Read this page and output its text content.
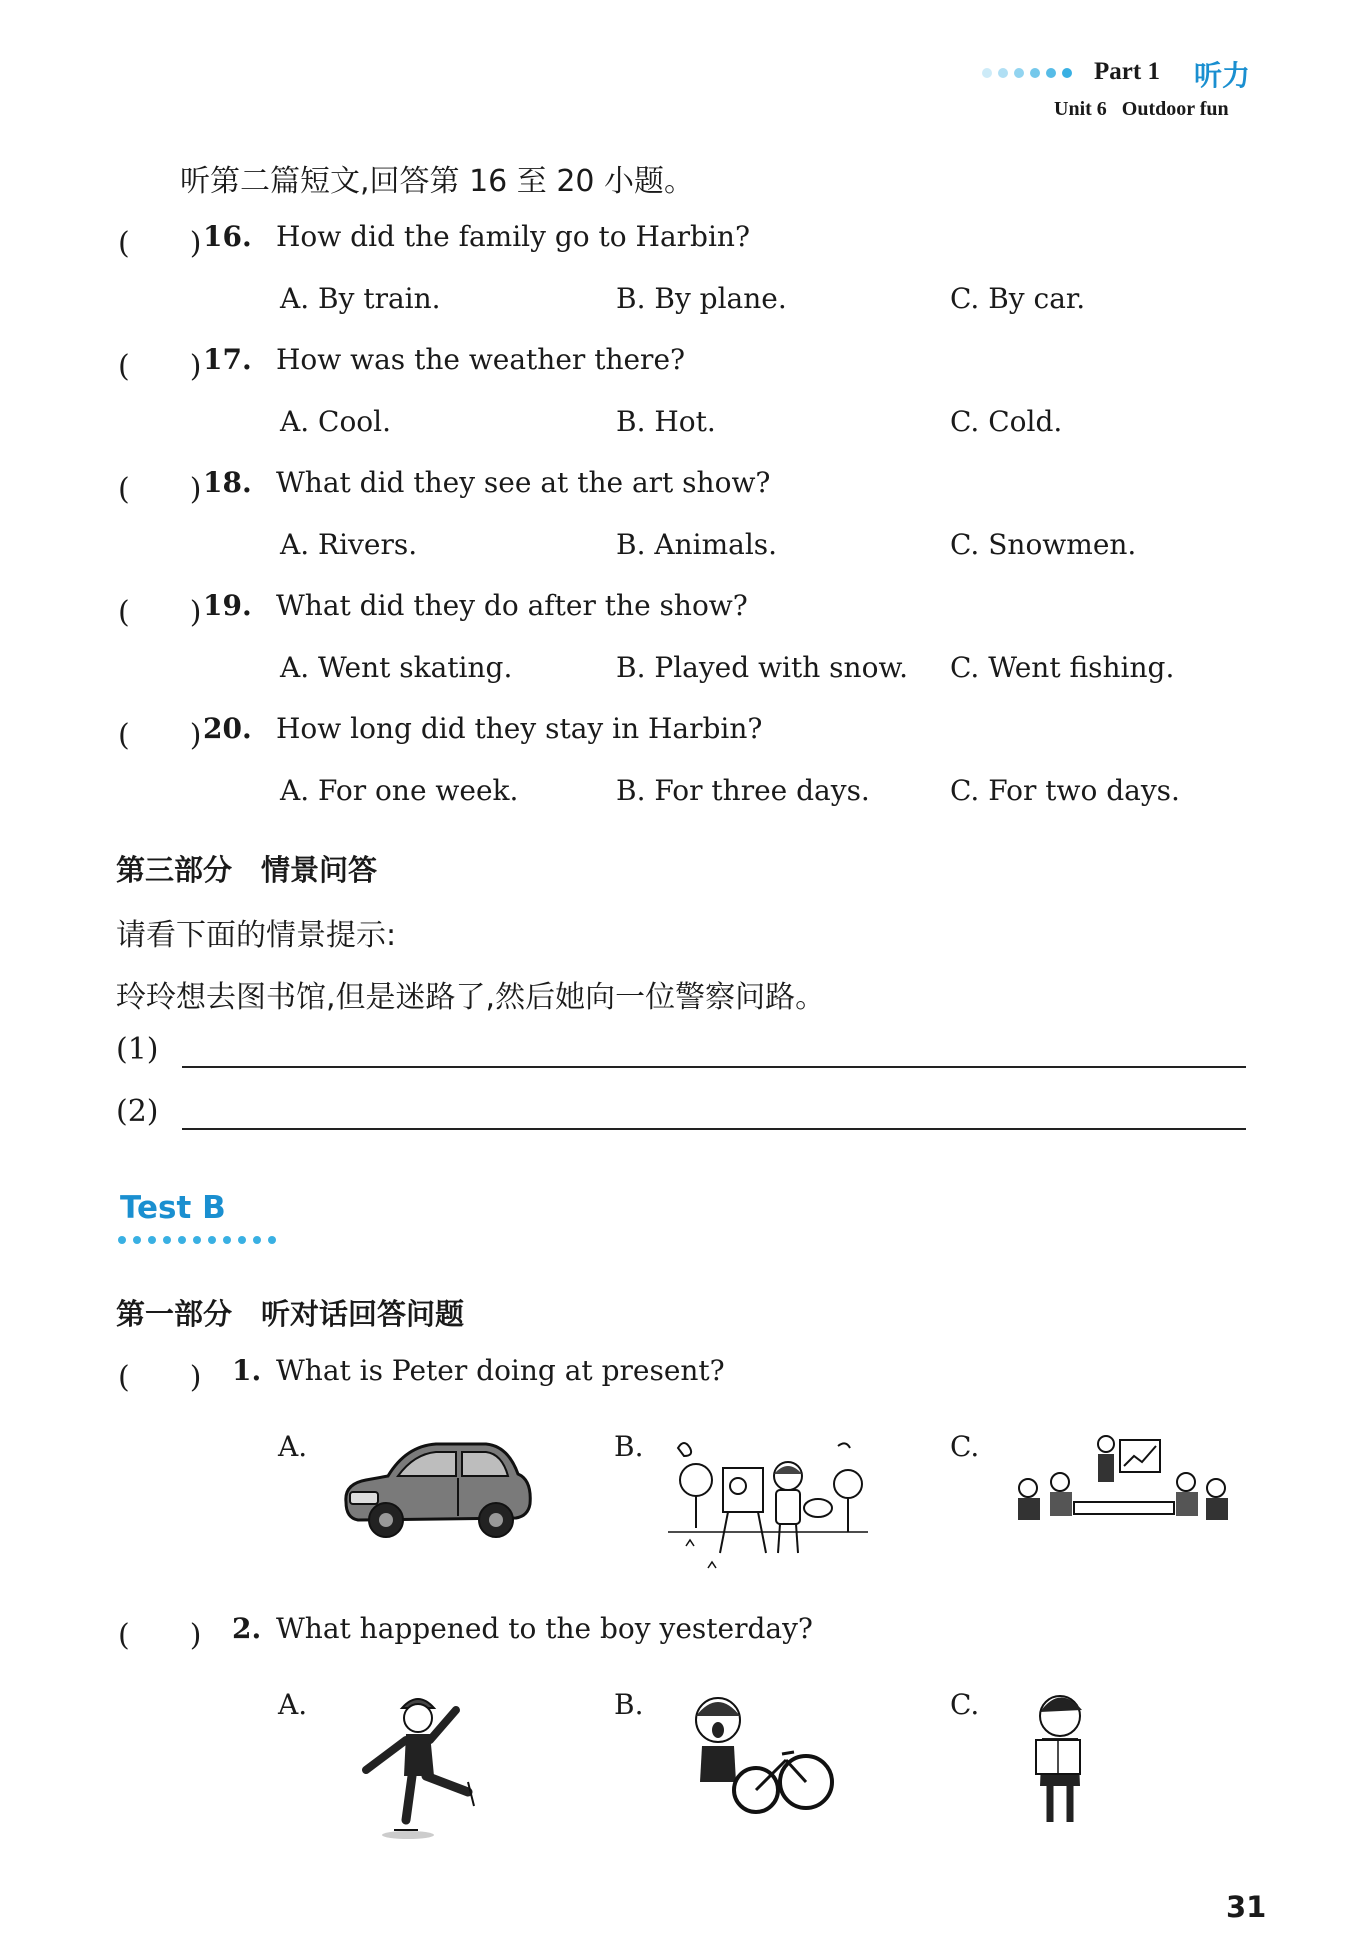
Part 1 听力
Unit 6   Outdoor fun
听第二篇短文,回答第 16 至 20 小题。
(　　) 16. How did the family go to Harbin?
A. By train.	B. By plane.	C. By car.
(　　) 17. How was the weather there?
A. Cool.	B. Hot.	C. Cold.
(　　) 18. What did they see at the art show?
A. Rivers.	B. Animals.	C. Snowmen.
(　　) 19. What did they do after the show?
A. Went skating.	B. Played with snow. C. Went fishing.
(　　) 20. How long did they stay in Harbin?
A. For one week.	B. For three days.	C. For two days.
第三部分　情景问答
请看下面的情景提示:
玲玲想去图书馆,但是迷路了,然后她向一位警察问路。
(1)
(2)
Test B
第一部分　听对话回答问题
(　　) 1. What is Peter doing at present?
A.	B.	C.
(　　) 2. What happened to the boy yesterday?
A.	B.	C.
31
